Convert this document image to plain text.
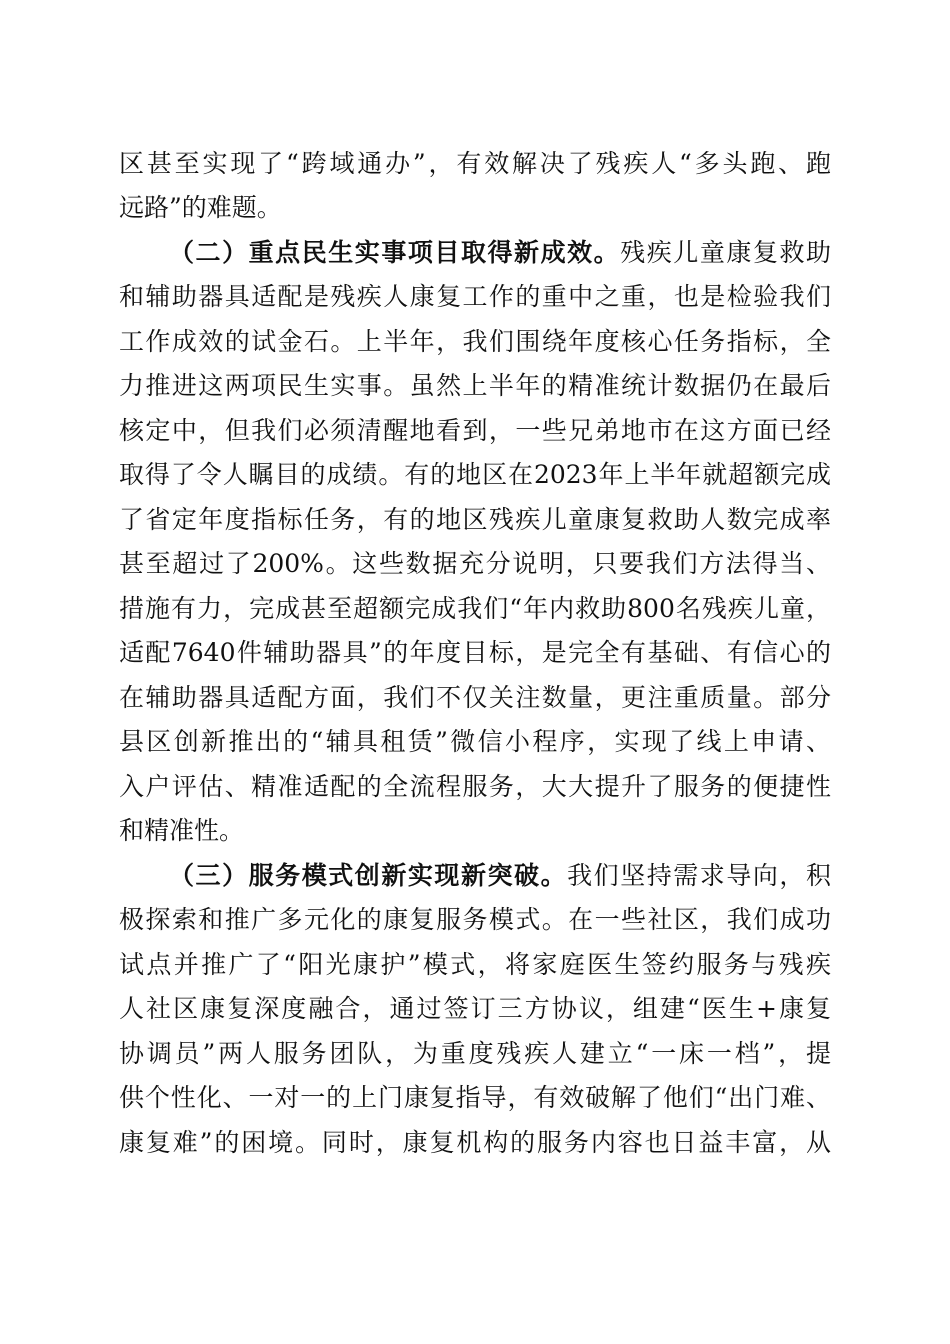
区甚至实现了“跨域通办”，有效解决了残疾人“多头跑、跑
远路”的难题。
（二）重点民生实事项目取得新成效。残疾儿童康复救助
和辅助器具适配是残疾人康复工作的重中之重，也是检验我们
工作成效的试金石。上半年，我们围绕年度核心任务指标，全
力推进这两项民生实事。虽然上半年的精准统计数据仍在最后
核定中，但我们必须清醒地看到，一些兄弟地市在这方面已经
取得了令人瞩目的成绩。有的地区在2023年上半年就超额完成
了省定年度指标任务，有的地区残疾儿童康复救助人数完成率
甚至超过了200%。这些数据充分说明，只要我们方法得当、
措施有力，完成甚至超额完成我们“年内救助800名残疾儿童，
适配7640件辅助器具”的年度目标，是完全有基础、有信心的
在辅助器具适配方面，我们不仅关注数量，更注重质量。部分
县区创新推出的“辅具租赁”微信小程序，实现了线上申请、
入户评估、精准适配的全流程服务，大大提升了服务的便捷性
和精准性。
（三）服务模式创新实现新突破。我们坚持需求导向，积
极探索和推广多元化的康复服务模式。在一些社区，我们成功
试点并推广了“阳光康护”模式，将家庭医生签约服务与残疾
人社区康复深度融合，通过签订三方协议，组建“医生+康复
协调员”两人服务团队，为重度残疾人建立“一床一档”，提
供个性化、一对一的上门康复指导，有效破解了他们“出门难、
康复难”的困境。同时，康复机构的服务内容也日益丰富，从
